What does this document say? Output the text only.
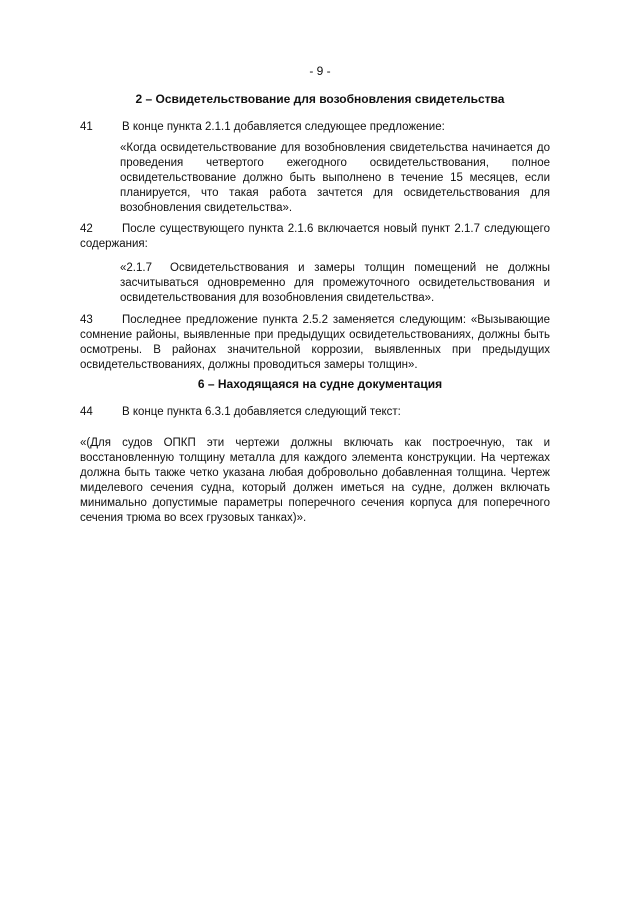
- 9 -
2 – Освидетельствование для возобновления свидетельства
41	В конце пункта 2.1.1 добавляется следующее предложение:
«Когда освидетельствование для возобновления свидетельства начинается до проведения четвертого ежегодного освидетельствования, полное освидетельствование должно быть выполнено в течение 15 месяцев, если планируется, что такая работа зачтется для освидетельствования для возобновления свидетельства».
42	После существующего пункта 2.1.6 включается новый пункт 2.1.7 следующего содержания:
«2.1.7 Освидетельствования и замеры толщин помещений не должны засчитываться одновременно для промежуточного освидетельствования и освидетельствования для возобновления свидетельства».
43	Последнее предложение пункта 2.5.2 заменяется следующим: «Вызывающие сомнение районы, выявленные при предыдущих освидетельствованиях, должны быть осмотрены. В районах значительной коррозии, выявленных при предыдущих освидетельствованиях, должны проводиться замеры толщин».
6 – Находящаяся на судне документация
44	В конце пункта 6.3.1 добавляется следующий текст:
«(Для судов ОПКП эти чертежи должны включать как построечную, так и восстановленную толщину металла для каждого элемента конструкции. На чертежах должна быть также четко указана любая добровольно добавленная толщина. Чертеж миделевого сечения судна, который должен иметься на судне, должен включать минимально допустимые параметры поперечного сечения корпуса для поперечного сечения трюма во всех грузовых танках)».
